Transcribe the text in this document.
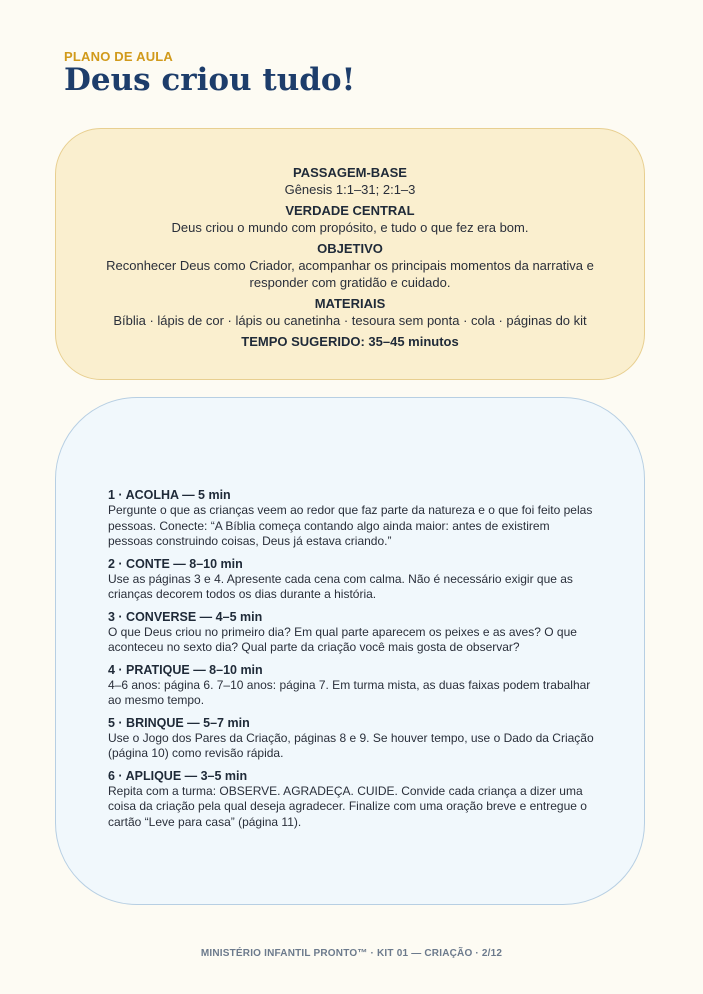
PLANO DE AULA
Deus criou tudo!
PASSAGEM-BASE
Gênesis 1:1–31; 2:1–3
VERDADE CENTRAL
Deus criou o mundo com propósito, e tudo o que fez era bom.
OBJETIVO
Reconhecer Deus como Criador, acompanhar os principais momentos da narrativa e responder com gratidão e cuidado.
MATERIAIS
Bíblia · lápis de cor · lápis ou canetinha · tesoura sem ponta · cola · páginas do kit
TEMPO SUGERIDO: 35–45 minutos
1 · ACOLHA — 5 min
Pergunte o que as crianças veem ao redor que faz parte da natureza e o que foi feito pelas pessoas. Conecte: “A Bíblia começa contando algo ainda maior: antes de existirem pessoas construindo coisas, Deus já estava criando.”
2 · CONTE — 8–10 min
Use as páginas 3 e 4. Apresente cada cena com calma. Não é necessário exigir que as crianças decorem todos os dias durante a história.
3 · CONVERSE — 4–5 min
O que Deus criou no primeiro dia? Em qual parte aparecem os peixes e as aves? O que aconteceu no sexto dia? Qual parte da criação você mais gosta de observar?
4 · PRATIQUE — 8–10 min
4–6 anos: página 6. 7–10 anos: página 7. Em turma mista, as duas faixas podem trabalhar ao mesmo tempo.
5 · BRINQUE — 5–7 min
Use o Jogo dos Pares da Criação, páginas 8 e 9. Se houver tempo, use o Dado da Criação (página 10) como revisão rápida.
6 · APLIQUE — 3–5 min
Repita com a turma: OBSERVE. AGRADEÇA. CUIDE. Convide cada criança a dizer uma coisa da criação pela qual deseja agradecer. Finalize com uma oração breve e entregue o cartão “Leve para casa” (página 11).
MINISTÉRIO INFANTIL PRONTO™ · KIT 01 — CRIAÇÃO · 2/12
